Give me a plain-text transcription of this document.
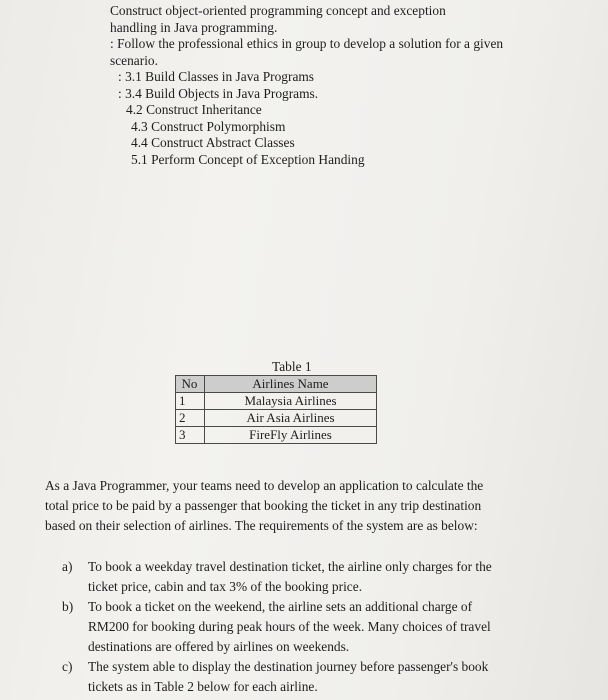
Construct object-oriented programming concept and exception
handling in Java programming.
: Follow the professional ethics in group to develop a solution for a given
scenario.
: 3.1 Build Classes in Java Programs
: 3.4 Build Objects in Java Programs.
4.2 Construct Inheritance
4.3 Construct Polymorphism
4.4 Construct Abstract Classes
5.1 Perform Concept of Exception Handing
Table 1
No	Airlines Name
1	Malaysia Airlines
2	Air Asia Airlines
3	FireFly Airlines
As a Java Programmer, your teams need to develop an application to calculate the
total price to be paid by a passenger that booking the ticket in any trip destination
based on their selection of airlines. The requirements of the system are as below:
a) To book a weekday travel destination ticket, the airline only charges for the
ticket price, cabin and tax 3% of the booking price.
b) To book a ticket on the weekend, the airline sets an additional charge of
RM200 for booking during peak hours of the week. Many choices of travel
destinations are offered by airlines on weekends.
c) The system able to display the destination journey before passenger's book
tickets as in Table 2 below for each airline.
